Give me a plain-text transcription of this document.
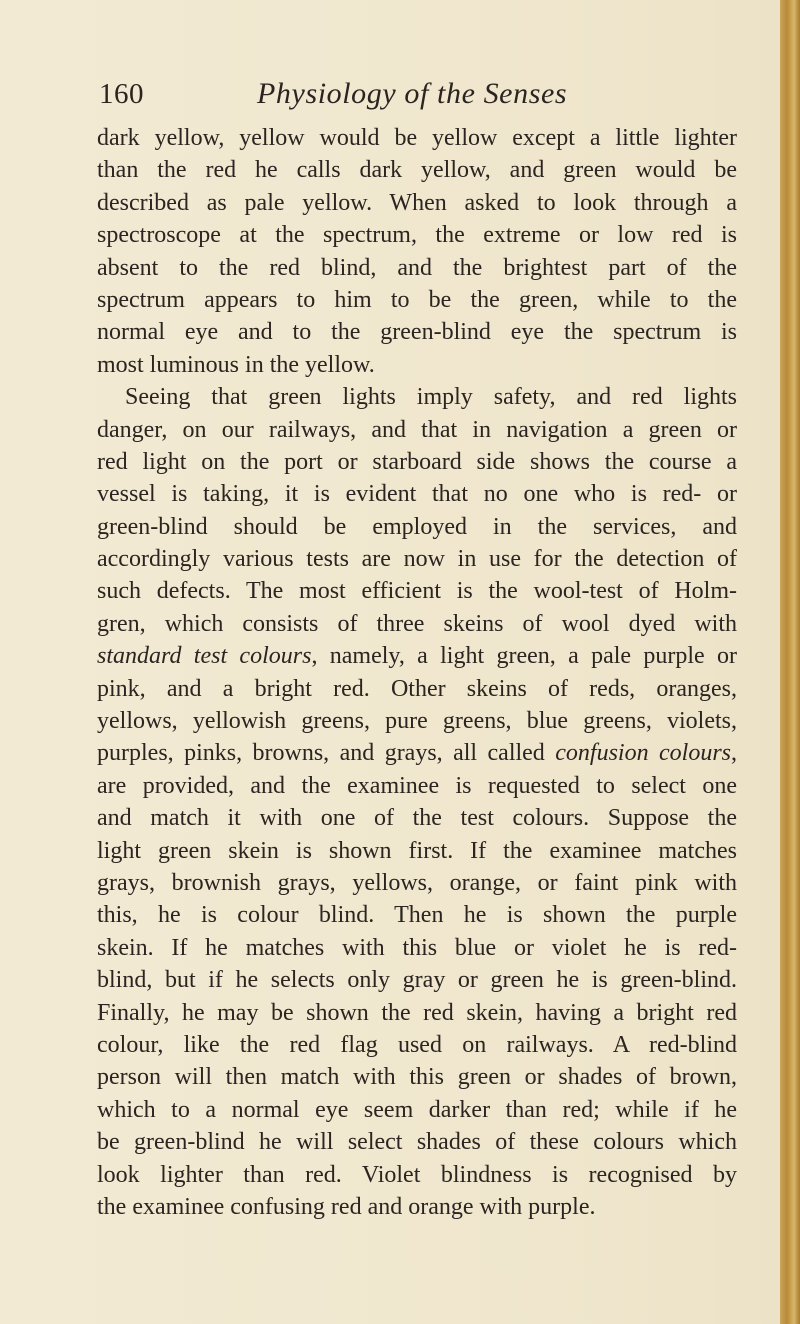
160	Physiology of the Senses
dark yellow, yellow would be yellow except a little lighter
than the red he calls dark yellow, and green would be
described as pale yellow. When asked to look through a
spectroscope at the spectrum, the extreme or low red is
absent to the red blind, and the brightest part of the
spectrum appears to him to be the green, while to the
normal eye and to the green-blind eye the spectrum is
most luminous in the yellow.
Seeing that green lights imply safety, and red lights
danger, on our railways, and that in navigation a green or
red light on the port or starboard side shows the course a
vessel is taking, it is evident that no one who is red- or
green-blind should be employed in the services, and
accordingly various tests are now in use for the detection of
such defects. The most efficient is the wool-test of Holm-
gren, which consists of three skeins of wool dyed with
standard test colours, namely, a light green, a pale purple or
pink, and a bright red. Other skeins of reds, oranges,
yellows, yellowish greens, pure greens, blue greens, violets,
purples, pinks, browns, and grays, all called confusion colours,
are provided, and the examinee is requested to select one
and match it with one of the test colours. Suppose the
light green skein is shown first. If the examinee matches
grays, brownish grays, yellows, orange, or faint pink with
this, he is colour blind. Then he is shown the purple
skein. If he matches with this blue or violet he is red-
blind, but if he selects only gray or green he is green-blind.
Finally, he may be shown the red skein, having a bright red
colour, like the red flag used on railways. A red-blind
person will then match with this green or shades of brown,
which to a normal eye seem darker than red; while if he
be green-blind he will select shades of these colours which
look lighter than red. Violet blindness is recognised by
the examinee confusing red and orange with purple.
